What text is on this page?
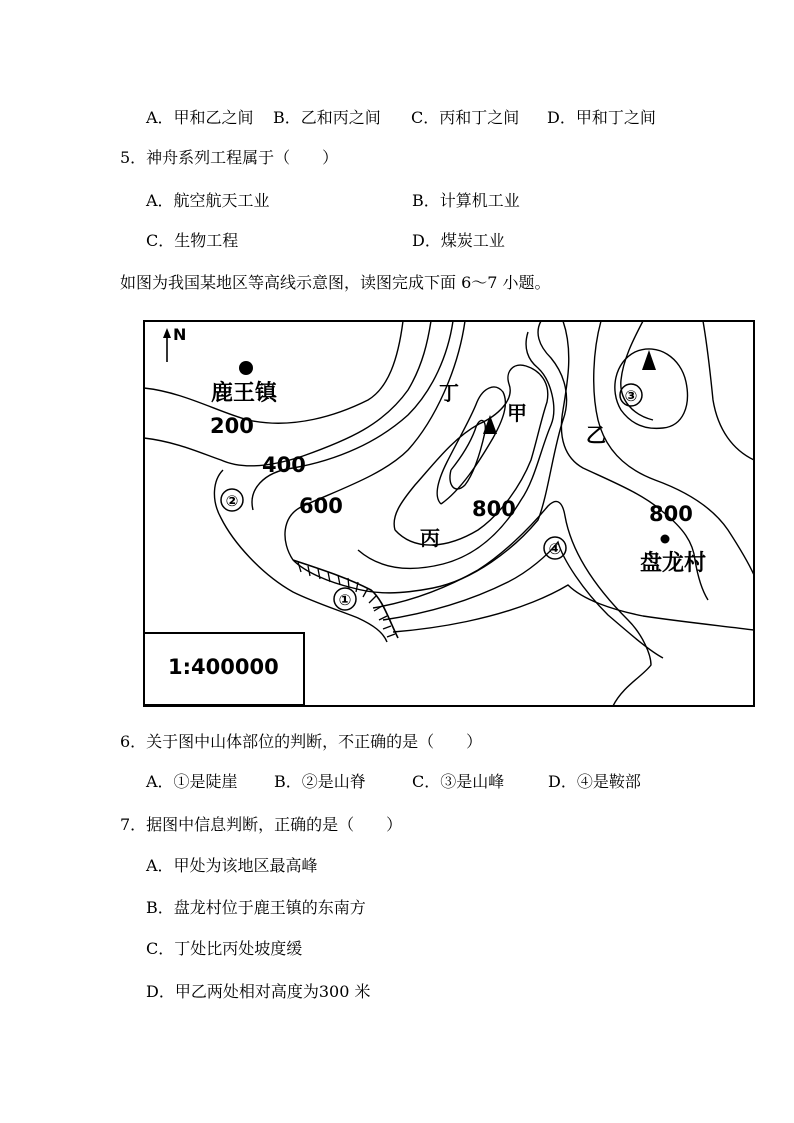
A．甲和乙之间 B．乙和丙之间 C．丙和丁之间 D．甲和丁之间
5．神舟系列工程属于（　　）
A．航空航天工业	B．计算机工业
C．生物工程	D．煤炭工业
如图为我国某地区等高线示意图，读图完成下面 6～7 小题。
N
鹿王镇
盘龙村
200
400
600	800	800
甲
乙
丙
丁
②
①
④
③
1:400000
6．关于图中山体部位的判断，不正确的是（　　）
A．①是陡崖 B．②是山脊	C．③是山峰	D．④是鞍部
7．据图中信息判断，正确的是（　　）
A．甲处为该地区最高峰
B．盘龙村位于鹿王镇的东南方
C．丁处比丙处坡度缓
D．甲乙两处相对高度为300 米
